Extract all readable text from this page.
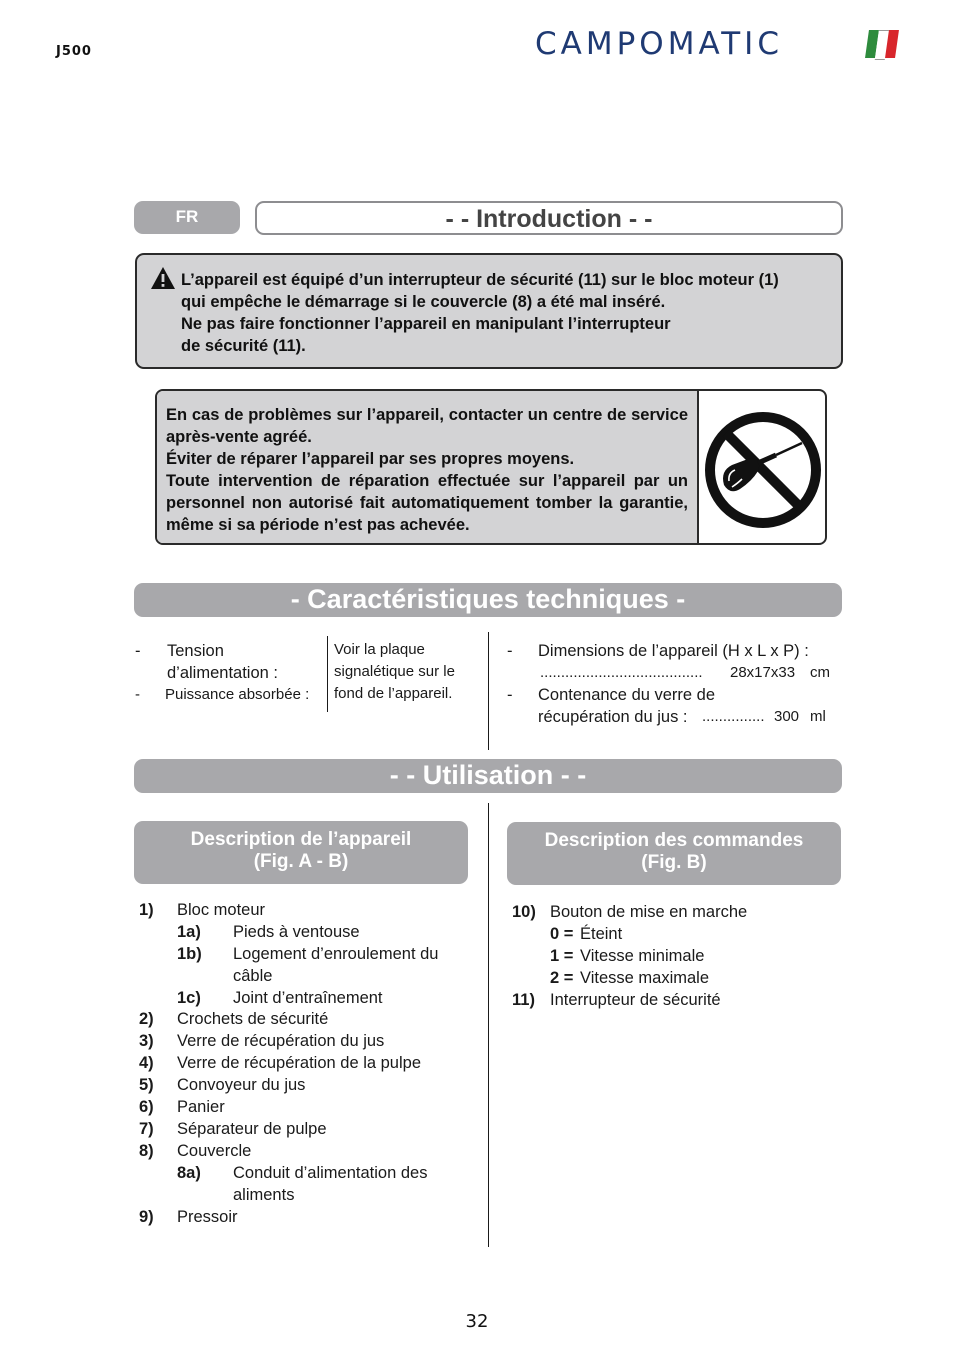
J500	CAMPOMATIC
FR	- - Introduction - -
L’appareil est équipé d’un interrupteur de sécurité (11) sur le bloc moteur (1)
qui empêche le démarrage si le couvercle (8) a été mal inséré.
Ne pas faire fonctionner l’appareil en manipulant l’interrupteur
de sécurité (11).
En cas de problèmes sur l’appareil, contacter un centre de service après-vente agréé.
Éviter de réparer l’appareil par ses propres moyens.
Toute intervention de réparation effectuée sur l’appareil par un personnel non autorisé fait automatiquement tomber la garantie, même si sa période n’est pas achevée.
- Caractéristiques techniques -
- Tension
d’alimentation :
- Puissance absorbée :
Voir la plaque
signalétique sur le
fond de l’appareil.
- Dimensions de l’appareil (H x L x P) :
....................................... 28x17x33 cm
- Contenance du verre de
récupération du jus : ............... 300 ml
- - Utilisation - -
Description de l’appareil
(Fig. A - B)
Description des commandes
(Fig. B)
1) Bloc moteur
1a) Pieds à ventouse
1b) Logement d’enroulement du
câble
1c) Joint d’entraînement
2) Crochets de sécurité
3) Verre de récupération du jus
4) Verre de récupération de la pulpe
5) Convoyeur du jus
6) Panier
7) Séparateur de pulpe
8) Couvercle
8a) Conduit d’alimentation des
aliments
9) Pressoir
10) Bouton de mise en marche
0 = Éteint
1 = Vitesse minimale
2 = Vitesse maximale
11) Interrupteur de sécurité
32
